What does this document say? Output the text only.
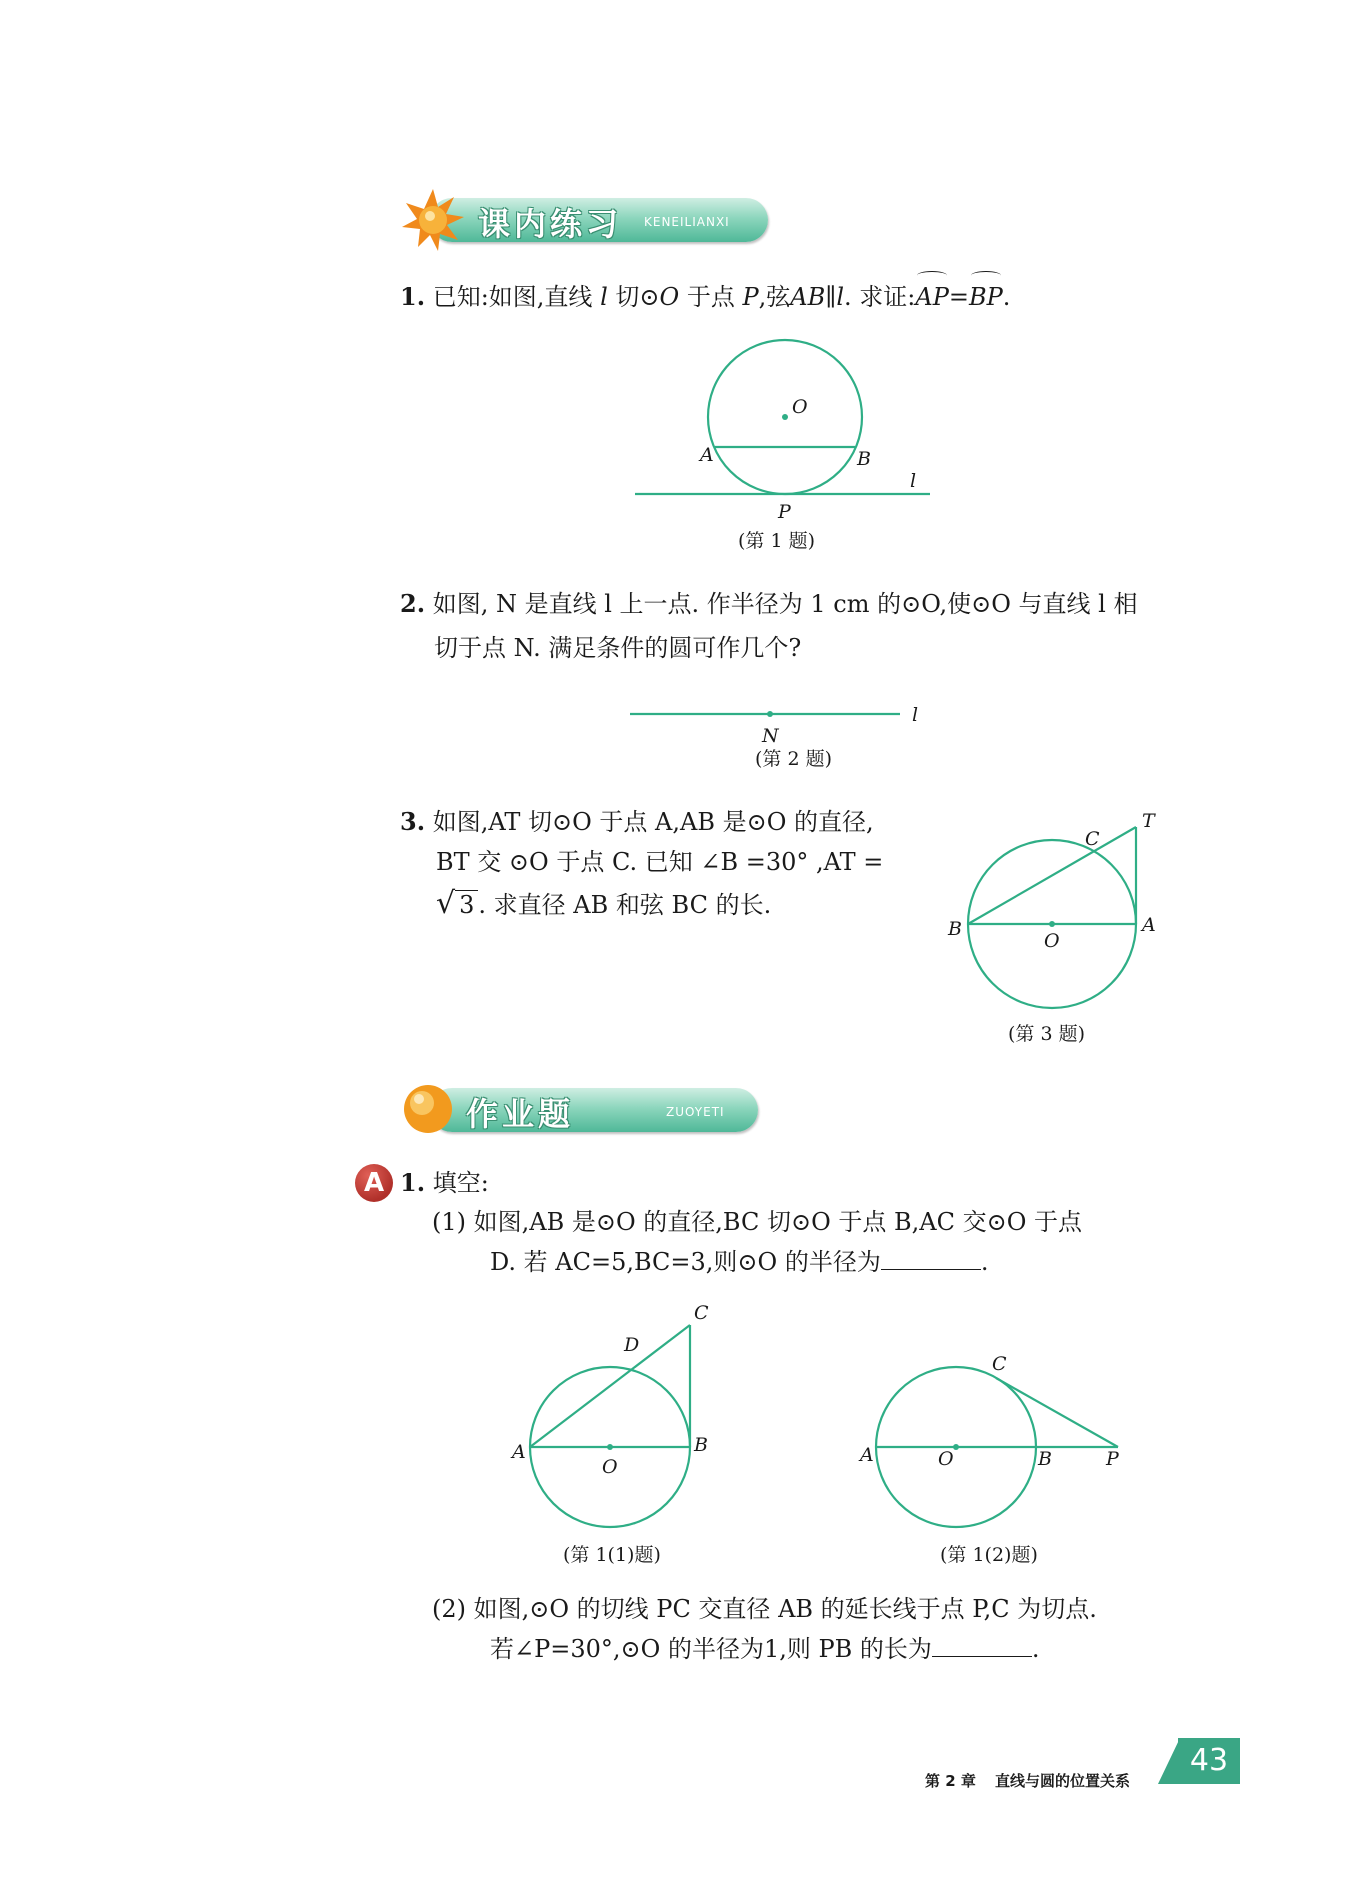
课内练习 KENEILIANXI
1. 已知:如图,直线 l 切⊙O 于点 P,弦AB∥l. 求证:AP=BP.
O
A	B
P
l
(第 1 题)
2. 如图, N 是直线 l 上一点. 作半径为 1 cm 的⊙O,使⊙O 与直线 l 相
切于点 N. 满足条件的圆可作几个?
N
l
(第 2 题)
3. 如图,AT 切⊙O 于点 A,AB 是⊙O 的直径,
BT 交 ⊙O 于点 C. 已知 ∠B =30° ,AT =
√ 3 . 求直径 AB 和弦 BC 的长.
T
C
B	A
O
(第 3 题)
作业题	ZUOYETI
A 1. 填空:
(1) 如图,AB 是⊙O 的直径,BC 切⊙O 于点 B,AC 交⊙O 于点
D. 若 AC=5,BC=3,则⊙O 的半径为	.
C
D
A
O
B
(第 1(1)题)
C
A	O	B	P
(第 1(2)题)
(2) 如图,⊙O 的切线 PC 交直径 AB 的延长线于点 P,C 为切点.
若∠P=30°,⊙O 的半径为1,则 PB 的长为	.
第 2 章 直线与圆的位置关系
43
